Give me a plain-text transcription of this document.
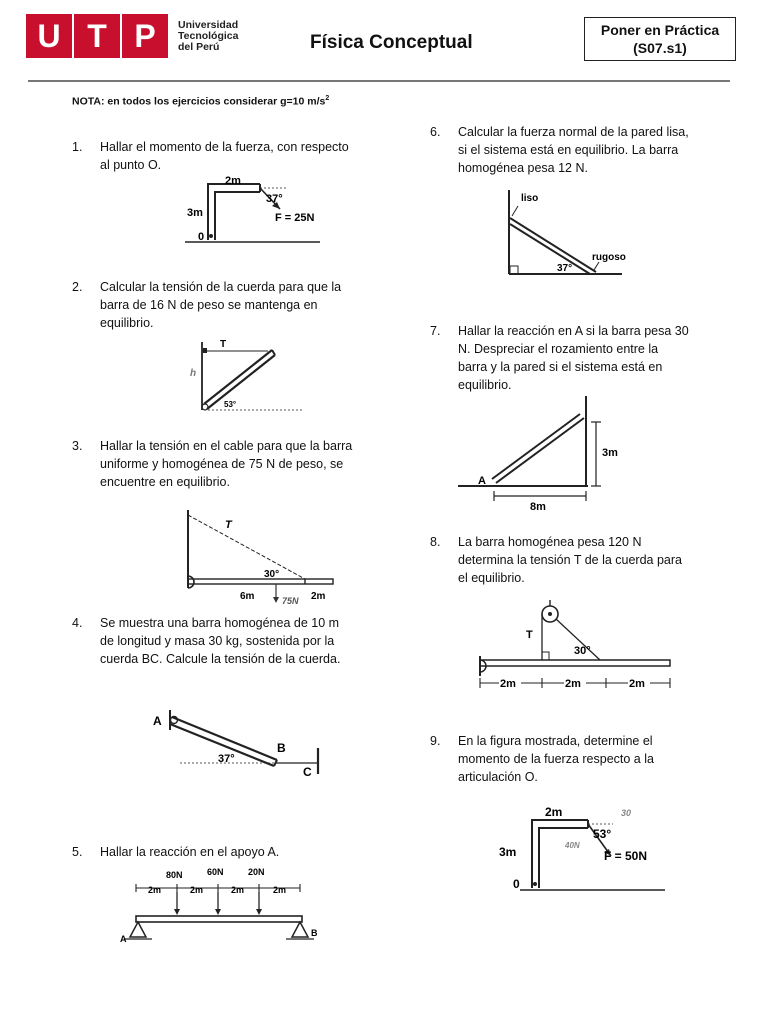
U T P	Universidad
Tecnológica
del Perú	Física Conceptual
Poner en Práctica
(S07.s1)
NOTA: en todos los ejercicios considerar g=10 $m/s^2$
1. Hallar el momento de la fuerza, con respecto
al punto O.
2. Calcular la tensión de la cuerda para que la
barra de 16 N de peso se mantenga en
equilibrio.
3. Hallar la tensión en el cable para que la barra
uniforme y homogénea de 75 N de peso, se
encuentre en equilibrio.
4. Se muestra una barra homogénea de 10 m
de longitud y masa 30 kg, sostenida por la
cuerda BC. Calcule la tensión de la cuerda.
5. Hallar la reacción en el apoyo A.
6. Calcular la fuerza normal de la pared lisa,
si el sistema está en equilibrio. La barra
homogénea pesa 12 N.
7. Hallar la reacción en A si la barra pesa 30
N. Despreciar el rozamiento entre la
barra y la pared si el sistema está en
equilibrio.
8. La barra homogénea pesa 120 N
determina la tensión T de la cuerda para
el equilibrio.
9. En la figura mostrada, determine el
momento de la fuerza respecto a la
articulación O.
2m
3m
37°
F = 25N
0
T
h
53°
T
30°
6m	75N 2m
A
B
C
37°
80N	60N	20N
2m	2m	2m	2m
A
B
liso
rugoso
37°
A
3m
8m
T
30°
2m	2m	2m
2m
3m
53°
F = 50N
0
30
40N
